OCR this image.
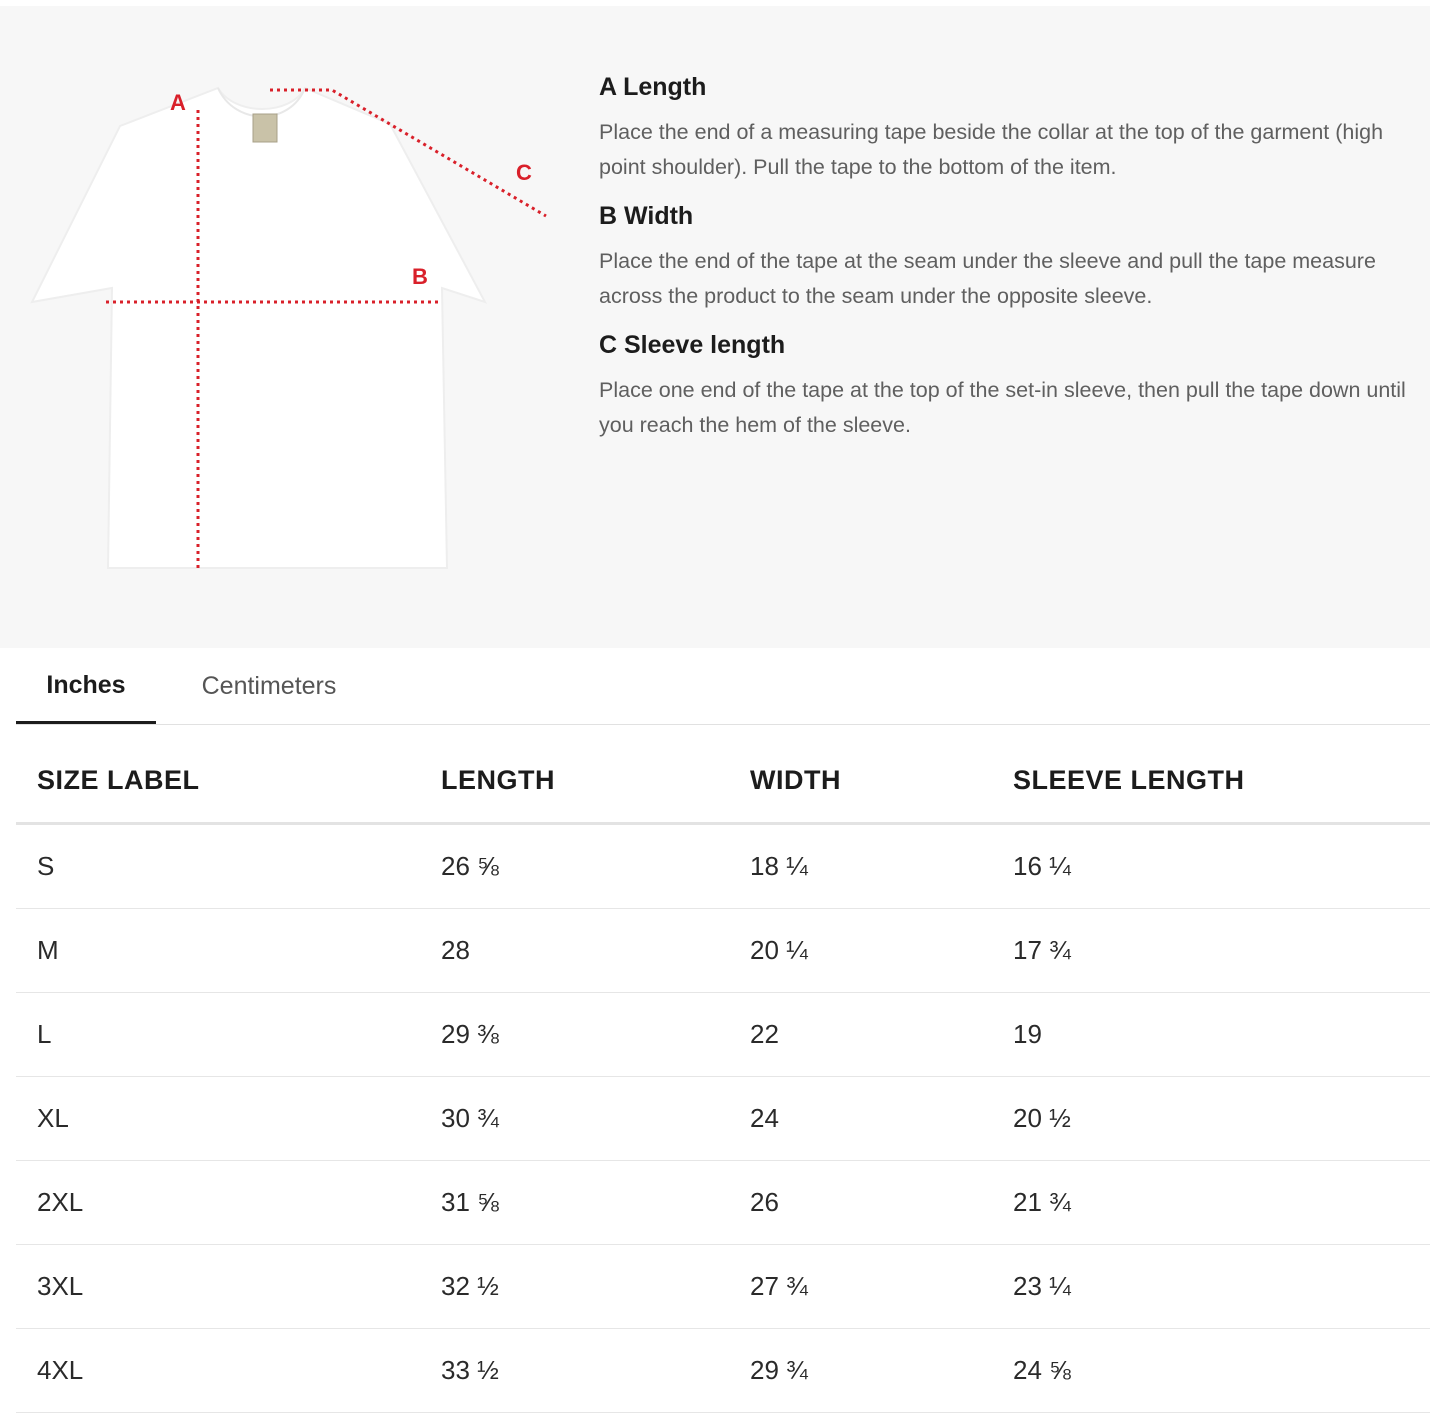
A
B
C
A Length

Place the end of a measuring tape beside the collar at the top of the garment (high point shoulder). Pull the tape to the bottom of the item.

B Width

Place the end of the tape at the seam under the sleeve and pull the tape measure across the product to the seam under the opposite sleeve.

C Sleeve length

Place one end of the tape at the top of the set-in sleeve, then pull the tape down until you reach the hem of the sleeve.

Inches	Centimeters
SIZE LABEL	LENGTH	WIDTH	SLEEVE LENGTH
S	26 ⅝	18 ¼	16 ¼
M	28	20 ¼	17 ¾
L	29 ⅜	22	19
XL	30 ¾	24	20 ½
2XL	31 ⅝	26	21 ¾
3XL	32 ½	27 ¾	23 ¼
4XL	33 ½	29 ¾	24 ⅝
